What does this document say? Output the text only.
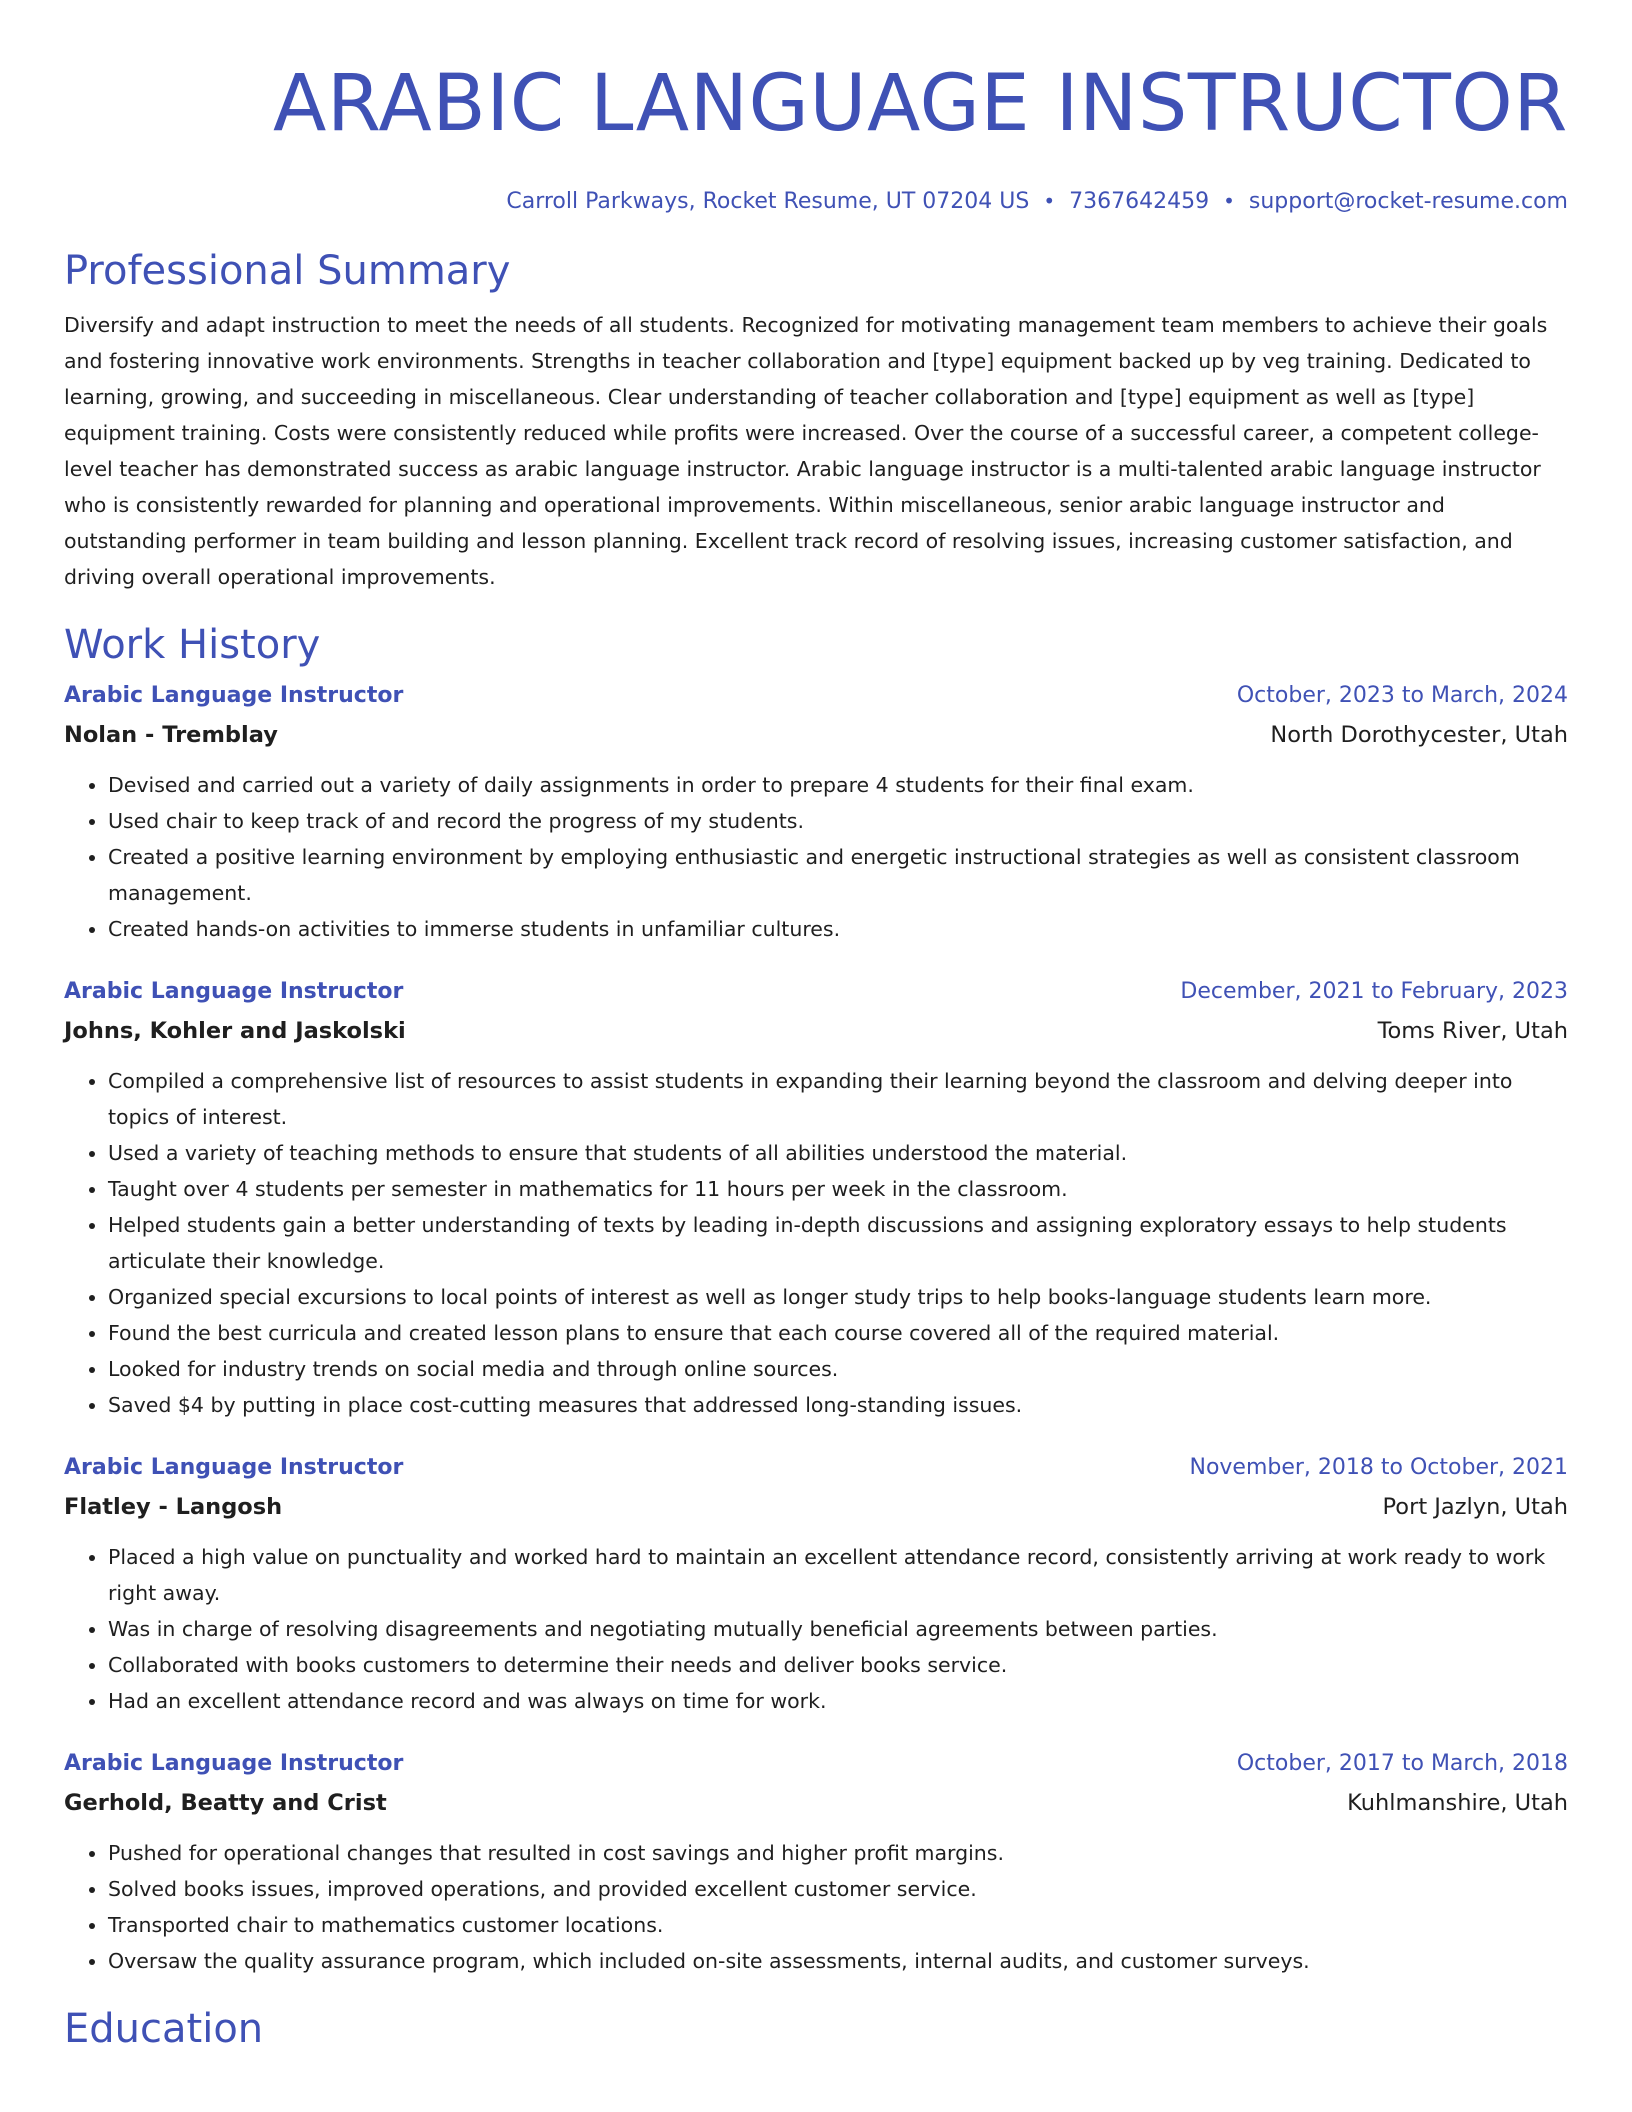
ARABIC LANGUAGE INSTRUCTOR
Carroll Parkways, Rocket Resume, UT 07204 US • 7367642459 • support@rocket-resume.com
Professional Summary

Diversify and adapt instruction to meet the needs of all students. Recognized for motivating management team members to achieve their goals and fostering innovative work environments. Strengths in teacher collaboration and [type] equipment backed up by veg training. Dedicated to learning, growing, and succeeding in miscellaneous. Clear understanding of teacher collaboration and [type] equipment as well as [type] equipment training. Costs were consistently reduced while profits were increased. Over the course of a successful career, a competent college-level teacher has demonstrated success as arabic language instructor. Arabic language instructor is a multi-talented arabic language instructor who is consistently rewarded for planning and operational improvements. Within miscellaneous, senior arabic language instructor and outstanding performer in team building and lesson planning. Excellent track record of resolving issues, increasing customer satisfaction, and driving overall operational improvements.

Work History
Arabic Language Instructor	October, 2023 to March, 2024
Nolan - Tremblay	North Dorothycester, Utah
• Devised and carried out a variety of daily assignments in order to prepare 4 students for their final exam.
• Used chair to keep track of and record the progress of my students.
• Created a positive learning environment by employing enthusiastic and energetic instructional strategies as well as consistent classroom management.
• Created hands-on activities to immerse students in unfamiliar cultures.
Arabic Language Instructor	December, 2021 to February, 2023
Johns, Kohler and Jaskolski	Toms River, Utah
• Compiled a comprehensive list of resources to assist students in expanding their learning beyond the classroom and delving deeper into topics of interest.
• Used a variety of teaching methods to ensure that students of all abilities understood the material.
• Taught over 4 students per semester in mathematics for 11 hours per week in the classroom.
• Helped students gain a better understanding of texts by leading in-depth discussions and assigning exploratory essays to help students articulate their knowledge.
• Organized special excursions to local points of interest as well as longer study trips to help books-language students learn more.
• Found the best curricula and created lesson plans to ensure that each course covered all of the required material.
• Looked for industry trends on social media and through online sources.
• Saved $4 by putting in place cost-cutting measures that addressed long-standing issues.
Arabic Language Instructor	November, 2018 to October, 2021
Flatley - Langosh	Port Jazlyn, Utah
• Placed a high value on punctuality and worked hard to maintain an excellent attendance record, consistently arriving at work ready to work right away.
• Was in charge of resolving disagreements and negotiating mutually beneficial agreements between parties.
• Collaborated with books customers to determine their needs and deliver books service.
• Had an excellent attendance record and was always on time for work.
Arabic Language Instructor	October, 2017 to March, 2018
Gerhold, Beatty and Crist	Kuhlmanshire, Utah
• Pushed for operational changes that resulted in cost savings and higher profit margins.
• Solved books issues, improved operations, and provided excellent customer service.
• Transported chair to mathematics customer locations.
• Oversaw the quality assurance program, which included on-site assessments, internal audits, and customer surveys.
Education
